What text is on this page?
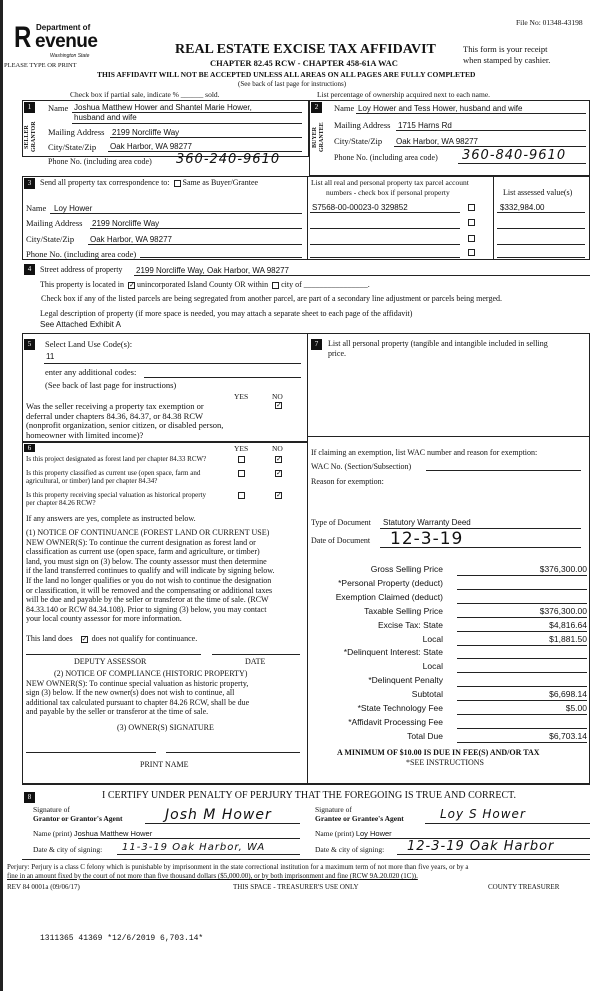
File No: 01348-43198
R Department of
evenue
Washington State
PLEASE TYPE OR PRINT
REAL ESTATE EXCISE TAX AFFIDAVIT
CHAPTER 82.45 RCW - CHAPTER 458-61A WAC
This form is your receipt
when stamped by cashier.
THIS AFFIDAVIT WILL NOT BE ACCEPTED UNLESS ALL AREAS ON ALL PAGES ARE FULLY COMPLETED
(See back of last page for instructions)
Check box if partial sale, indicate % ______ sold.	List percentage of ownership acquired next to each name.
1
SELLER GRANTOR
Name Joshua Matthew Hower and Shantel Marie Hower,
husband and wife
Mailing Address 2199 Norcliffe Way
City/State/Zip Oak Harbor, WA 98277
Phone No. (including area code) 360-240-9610
2
BUYER GRANTEE
Name Loy Hower and Tess Hower, husband and wife
Mailing Address 1715 Harns Rd
City/State/Zip Oak Harbor, WA 98277
Phone No. (including area code) 360-840-9610
3	Send all property tax correspondence to: Same as Buyer/Grantee
Name Loy Hower
Mailing Address 2199 Norcliffe Way
City/State/Zip Oak Harbor, WA 98277
Phone No. (including area code)
List all real and personal property tax parcel account
numbers - check box if personal property	List assessed value(s)
S7568-00-00023-0 329852	$332,984.00
4	Street address of property 2199 Norcliffe Way, Oak Harbor, WA 98277
This property is located in ✓ unincorporated Island County OR within city of ________________.
Check box if any of the listed parcels are being segregated from another parcel, are part of a secondary line adjustment or parcels being merged.
Legal description of property (if more space is needed, you may attach a separate sheet to each page of the affidavit)
See Attached Exhibit A
5	Select Land Use Code(s):
11
enter any additional codes:
(See back of last page for instructions)
YES	NO
Was the seller receiving a property tax exemption or
deferral under chapters 84.36, 84.37, or 84.38 RCW
(nonprofit organization, senior citizen, or disabled person,
homeowner with limited income)?
✓
6	YES	NO
Is this project designated as forest land per chapter 84.33 RCW?	✓
Is this property classified as current use (open space, farm and
agricultural, or timber) land per chapter 84.34?
✓
Is this property receiving special valuation as historical property
per chapter 84.26 RCW?
✓
If any answers are yes, complete as instructed below.
(1) NOTICE OF CONTINUANCE (FOREST LAND OR CURRENT USE)
NEW OWNER(S): To continue the current designation as forest land or
classification as current use (open space, farm and agriculture, or timber)
land, you must sign on (3) below. The county assessor must then determine
if the land transferred continues to qualify and will indicate by signing below.
If the land no longer qualifies or you do not wish to continue the designation
or classification, it will be removed and the compensating or additional taxes
will be due and payable by the seller or transferor at the time of sale. (RCW
84.33.140 or RCW 84.34.108). Prior to signing (3) below, you may contact
your local county assessor for more information.
This land does ✓ does not qualify for continuance.
DEPUTY ASSESSOR	DATE
(2) NOTICE OF COMPLIANCE (HISTORIC PROPERTY)
NEW OWNER(S): To continue special valuation as historic property,
sign (3) below. If the new owner(s) does not wish to continue, all
additional tax calculated pursuant to chapter 84.26 RCW, shall be due
and payable by the seller or transferor at the time of sale.
(3) OWNER(S) SIGNATURE
PRINT NAME
7	List all personal property (tangible and intangible included in selling
price.
If claiming an exemption, list WAC number and reason for exemption:
WAC No. (Section/Subsection)
Reason for exemption:
Type of Document Statutory Warranty Deed
Date of Document 12-3-19
Gross Selling Price	$376,300.00
*Personal Property (deduct)
Exemption Claimed (deduct)
Taxable Selling Price	$376,300.00
Excise Tax: State	$4,816.64
Local	$1,881.50
*Delinquent Interest: State
Local
*Delinquent Penalty
Subtotal	$6,698.14
*State Technology Fee	$5.00
*Affidavit Processing Fee
Total Due	$6,703.14
A MINIMUM OF $10.00 IS DUE IN FEE(S) AND/OR TAX
*SEE INSTRUCTIONS
8	I CERTIFY UNDER PENALTY OF PERJURY THAT THE FOREGOING IS TRUE AND CORRECT.
Signature of
Grantor or Grantor's Agent	Josh M Hower	Signature of
Grantee or Grantee's Agent	Loy S Hower
Name (print) Joshua Matthew Hower	Name (print) Loy Hower
Date & city of signing: 11-3-19 Oak Harbor, WA	Date & city of signing: 12-3-19 Oak Harbor
Perjury: Perjury is a class C felony which is punishable by imprisonment in the state correctional institution for a maximum term of not more than five years, or by a
fine in an amount fixed by the court of not more than five thousand dollars ($5,000.00), or by both imprisonment and fine (RCW 9A.20.020 (1C)).
REV 84 0001a (09/06/17)	THIS SPACE - TREASURER'S USE ONLY	COUNTY TREASURER
1311365 41369 *12/6/2019 6,703.14*
